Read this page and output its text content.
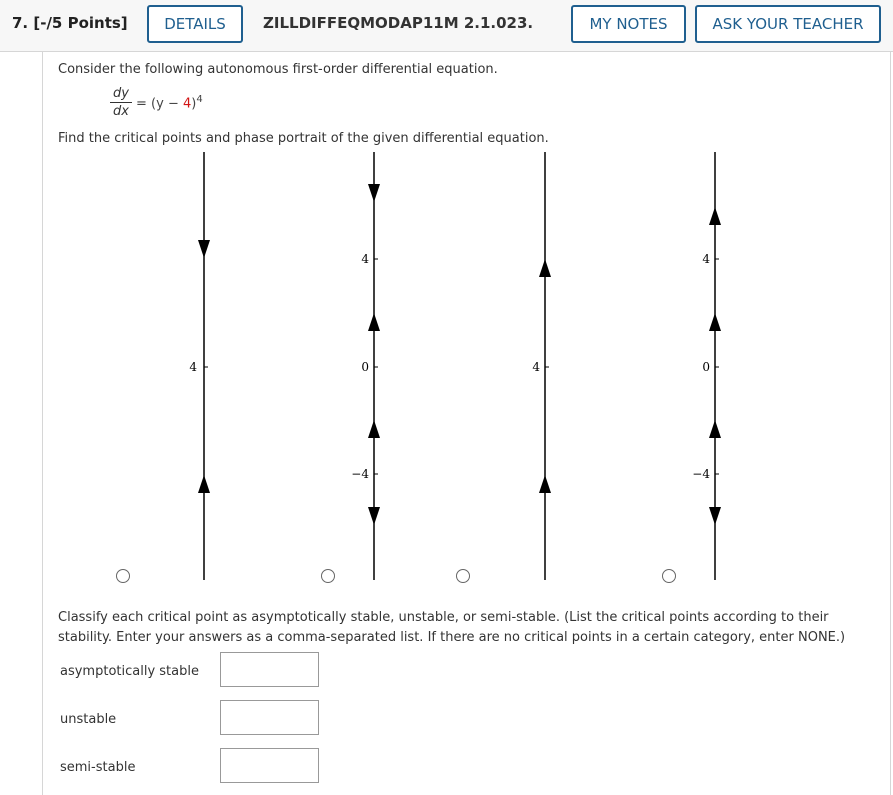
7. [-/5 Points]	DETAILS	ZILLDIFFEQMODAP11M 2.1.023.	MY NOTES	ASK YOUR TEACHER
Consider the following autonomous first-order differential equation.
dy
dx
= $(y - 4)^4$
Find the critical points and phase portrait of the given differential equation.
4
4
0
−4
4
4
0
−4
Classify each critical point as asymptotically stable, unstable, or semi-stable. (List the critical points according to their
stability. Enter your answers as a comma-separated list. If there are no critical points in a certain category, enter NONE.)
asymptotically stable
unstable
semi-stable
